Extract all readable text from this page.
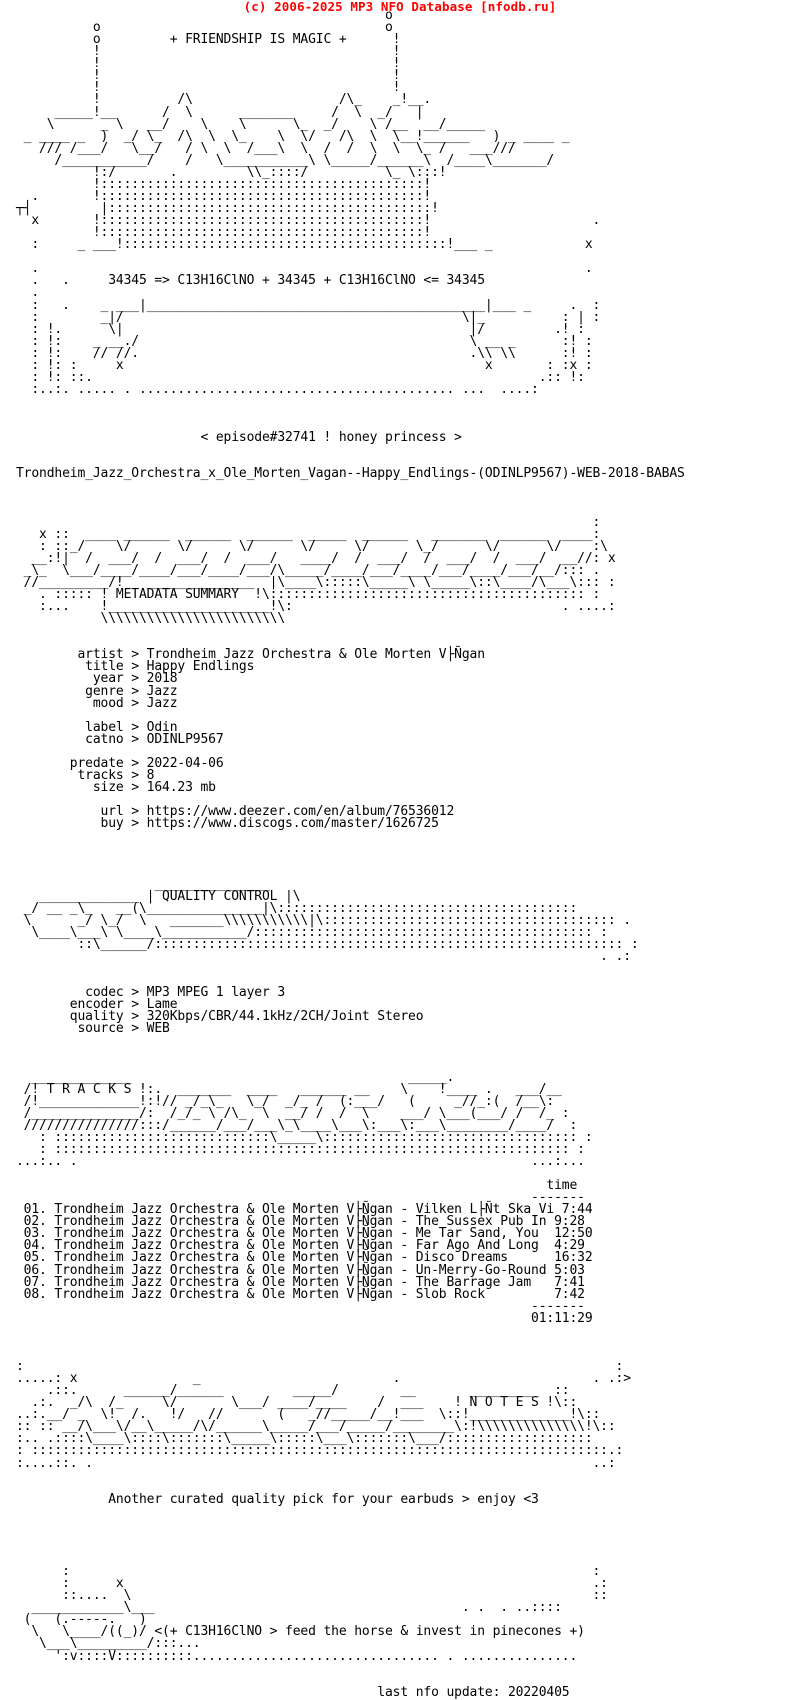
(c) 2006-2025 MP3 NFO Database [nfodb.ru]
o
o                                     o
o         + FRIENDSHIP IS MAGIC +      !
!                                      !
!                                      !
!                                      !
!                                      !
!          /\                   /\_    _!__.
_____!__      /  \      _______     /  \  _/   |
\      _ \   __/    \    \      \_  _/    \ /__  __/_____
_ ____ _  )  _/ \_  /\  \  \_    \  \/   /\  \  \__!______   ) _ ____ _
/// /___/   \__/   / \  \  /___\  \  /  /  \  \  \_ /   ___///
/___________/    /   \___________\ \_____/______\  /____\_______/
!:/       .         \\_::::/          \_ \:::!
!::::::::::::::::::::::::::::::::::::::::::!
.       !::::::::::::::::::::::::::::::::::::::::::!
┬┤         |::::::::::::::::::::::::::::::::::::::::::!
x       !::::::::::::::::::::::::::::::::::::::::::!                     .
!::::::::::::::::::::::::::::::::::::::::::!
:     _ ___!::::::::::::::::::::::::::::::::::::::::::!___ _            x
.                                                                       .
.   .     34345 => C13H16ClNO + 34345 + C13H16ClNO <= 34345
.
:   .    _ ___|____________________________________________|___ _     .  :
:        _|/                                            \|_          : | :
: !.      \|                                             |/         .! :
: !:    _ __./                                           \ __ _      :! :
: !:    // //.                                           .\\ \\      :! :
: !: :     x                                               x       : :x :
: !: ::.                                                          .:: !:
:..:. ..... . ......................................... ...  ....:
< episode#32741 ! honey princess >
Trondheim_Jazz_Orchestra_x_Ole_Morten_Vagan--Happy_Endlings-(ODINLP9567)-WEB-2018-BABAS
:
x ::  ____ ______  ______  ______  _____  ______   _______  ______  ____:
: ::_/    \/      \/      \/      \/     \/      \_/      \/      \/    :\
__:!|  /  ___/  /  ___/  /  ___/   ____/  /  ___/  /  ___/  /  ___/  __//: x
_\_  \___/____/____/___/____/___/\_____/____/___/____/___/____/___/__/::: .
//_________/!   ______________  |\____\:::::\_____\ \_____\::\____/\___\::: :
. ::::: ! METADATA SUMMARY  !\::::::::::::::::::::::::::::::::::::::::: :
:...    !_____________________!\:                                   . ....:
\\\\\\\\\\\\\\\\\\\\\\\\
artist > Trondheim Jazz Orchestra & Ole Morten V├Ñgan
title > Happy Endlings
year > 2018
genre > Jazz
mood > Jazz
label > Odin
catno > ODINLP9567
predate > 2022-04-06
tracks > 8
size > 164.23 mb
url > https://www.deezer.com/en/album/76536012
buy > https://www.discogs.com/master/1626725
_______________
_____________ | QUALITY CONTROL |\
_/ __ _\_   __(\_______________|\:::::::::::::::::::::::::::::::::::::::
\      _/ \_/  \   _______\\\\\\\\\\\|\:::::::::::::::::::::::::::::::::::::: .
\____\___\ \____\___________/:::::::::::::::::::::::::::::::::::::::::::: :
::\______/::::::::::::::::::::::::::::::::::::::::::::::::::::::::::::: :
. .:
codec > MP3 MPEG 1 layer 3
encoder > Lame
quality > 320Kbps/CBR/44.1kHz/2CH/Joint Stereo
source > WEB
_____________                                    _____.
/! T R A C K S !:.  _______  ____   ______ __    \    !____ .   ___/__
/!_____________!:!// _/_\_   \_/  _/_ /  (:___/   (     _//_:(  /__\:
/______________/:  /_/_ \ /\_  \  __/ /  /  \    ___/ \___(___/ /  /_ :
///////////////:::/______/___/___\_\____\___\:___\:___\________/____/  :
: ::::::::::::::::::::::::::::\_____\::::::::::::::::::::::::::::::::: :
: ::::::::::::::::::::::::::::::::::::::::::::::::::::::::::::::::::: :
...:.. .                                                           ...:...
time
-------
01. Trondheim Jazz Orchestra & Ole Morten V├Ñgan - Vilken L├Ñt Ska Vi 7:44
02. Trondheim Jazz Orchestra & Ole Morten V├Ñgan - The Sussex Pub In 9:28
03. Trondheim Jazz Orchestra & Ole Morten V├Ñgan - Me Tar Sand, You  12:50
04. Trondheim Jazz Orchestra & Ole Morten V├Ñgan - Far Ago And Long  4:29
05. Trondheim Jazz Orchestra & Ole Morten V├Ñgan - Disco Dreams      16:32
06. Trondheim Jazz Orchestra & Ole Morten V├Ñgan - Un-Merry-Go-Round 5:03
07. Trondheim Jazz Orchestra & Ole Morten V├Ñgan - The Barrage Jam   7:41
08. Trondheim Jazz Orchestra & Ole Morten V├Ñgan - Slob Rock         7:42
-------
01:11:29
:                                                                             :
.....: x               _                         .                         . .:>
.::.      ______/______         _____/        __       _________  ::
.:.  _/\  /_     \/       \___/ ____/____    /  ___    ! N O T E S !\::
..:.__/ _  \!  /.   !/   //       (   _//_____/__!___  \::!_____________!\::
:: :: __/\___\/__\_____/\/______\_____/___/_____/________\:!\\\\\\\\\\\\\\!\::
:.. .::::\____\::::\:::::::\_____\:::::\___\:::::::\___/:::::::::::::::::::
: :::::::::::::::::::::::::::::::::::::::::::::::::::::::::::::::::::::::::::.:
:....::. .                                                                 ..:
Another curated quality pick for your earbuds > enjoy <3
:                                                                    :
:      x                                                             .:
::....  \                                                            ::
____________\___                                        . .  . ..::::
(   (.-----.   )
\   \____/((_)/ <(+ C13H16ClNO > feed the horse & invest in pinecones +)
\___\_________/:::...
':v::::V::::::::::................................ . ...............
last nfo update: 20220405
